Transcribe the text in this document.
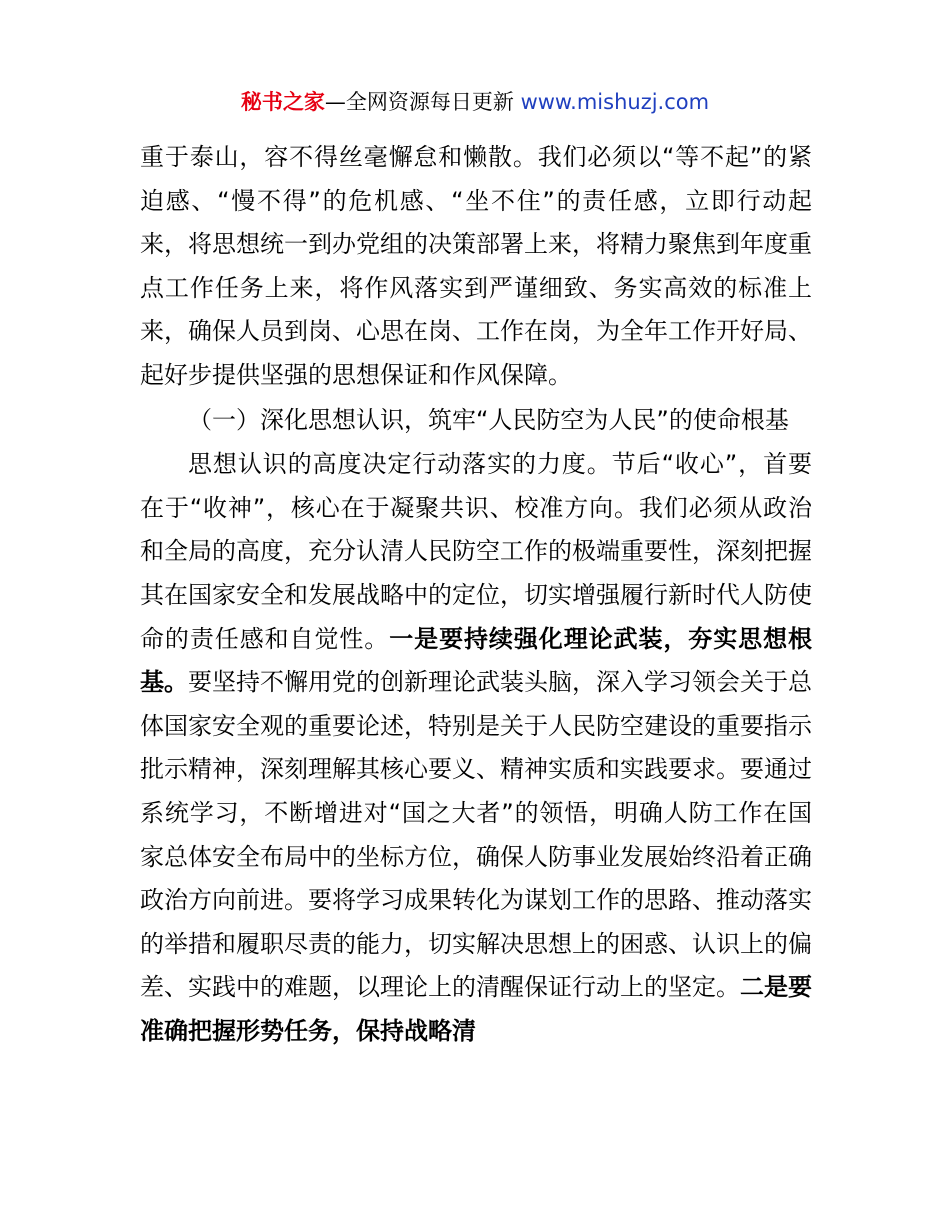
秘书之家—全网资源每日更新 www.mishuzj.com

重于泰山，容不得丝毫懈怠和懒散。我们必须以“等不起”的紧迫感、“慢不得”的危机感、“坐不住”的责任感，立即行动起来，将思想统一到办党组的决策部署上来，将精力聚焦到年度重点工作任务上来，将作风落实到严谨细致、务实高效的标准上来，确保人员到岗、心思在岗、工作在岗，为全年工作开好局、起好步提供坚强的思想保证和作风保障。

（一）深化思想认识，筑牢“人民防空为人民”的使命根基

思想认识的高度决定行动落实的力度。节后“收心”，首要在于“收神”，核心在于凝聚共识、校准方向。我们必须从政治和全局的高度，充分认清人民防空工作的极端重要性，深刻把握其在国家安全和发展战略中的定位，切实增强履行新时代人防使命的责任感和自觉性。一是要持续强化理论武装，夯实思想根基。要坚持不懈用党的创新理论武装头脑，深入学习领会关于总体国家安全观的重要论述，特别是关于人民防空建设的重要指示批示精神，深刻理解其核心要义、精神实质和实践要求。要通过系统学习，不断增进对“国之大者”的领悟，明确人防工作在国家总体安全布局中的坐标方位，确保人防事业发展始终沿着正确政治方向前进。要将学习成果转化为谋划工作的思路、推动落实的举措和履职尽责的能力，切实解决思想上的困惑、认识上的偏差、实践中的难题，以理论上的清醒保证行动上的坚定。二是要准确把握形势任务，保持战略清
